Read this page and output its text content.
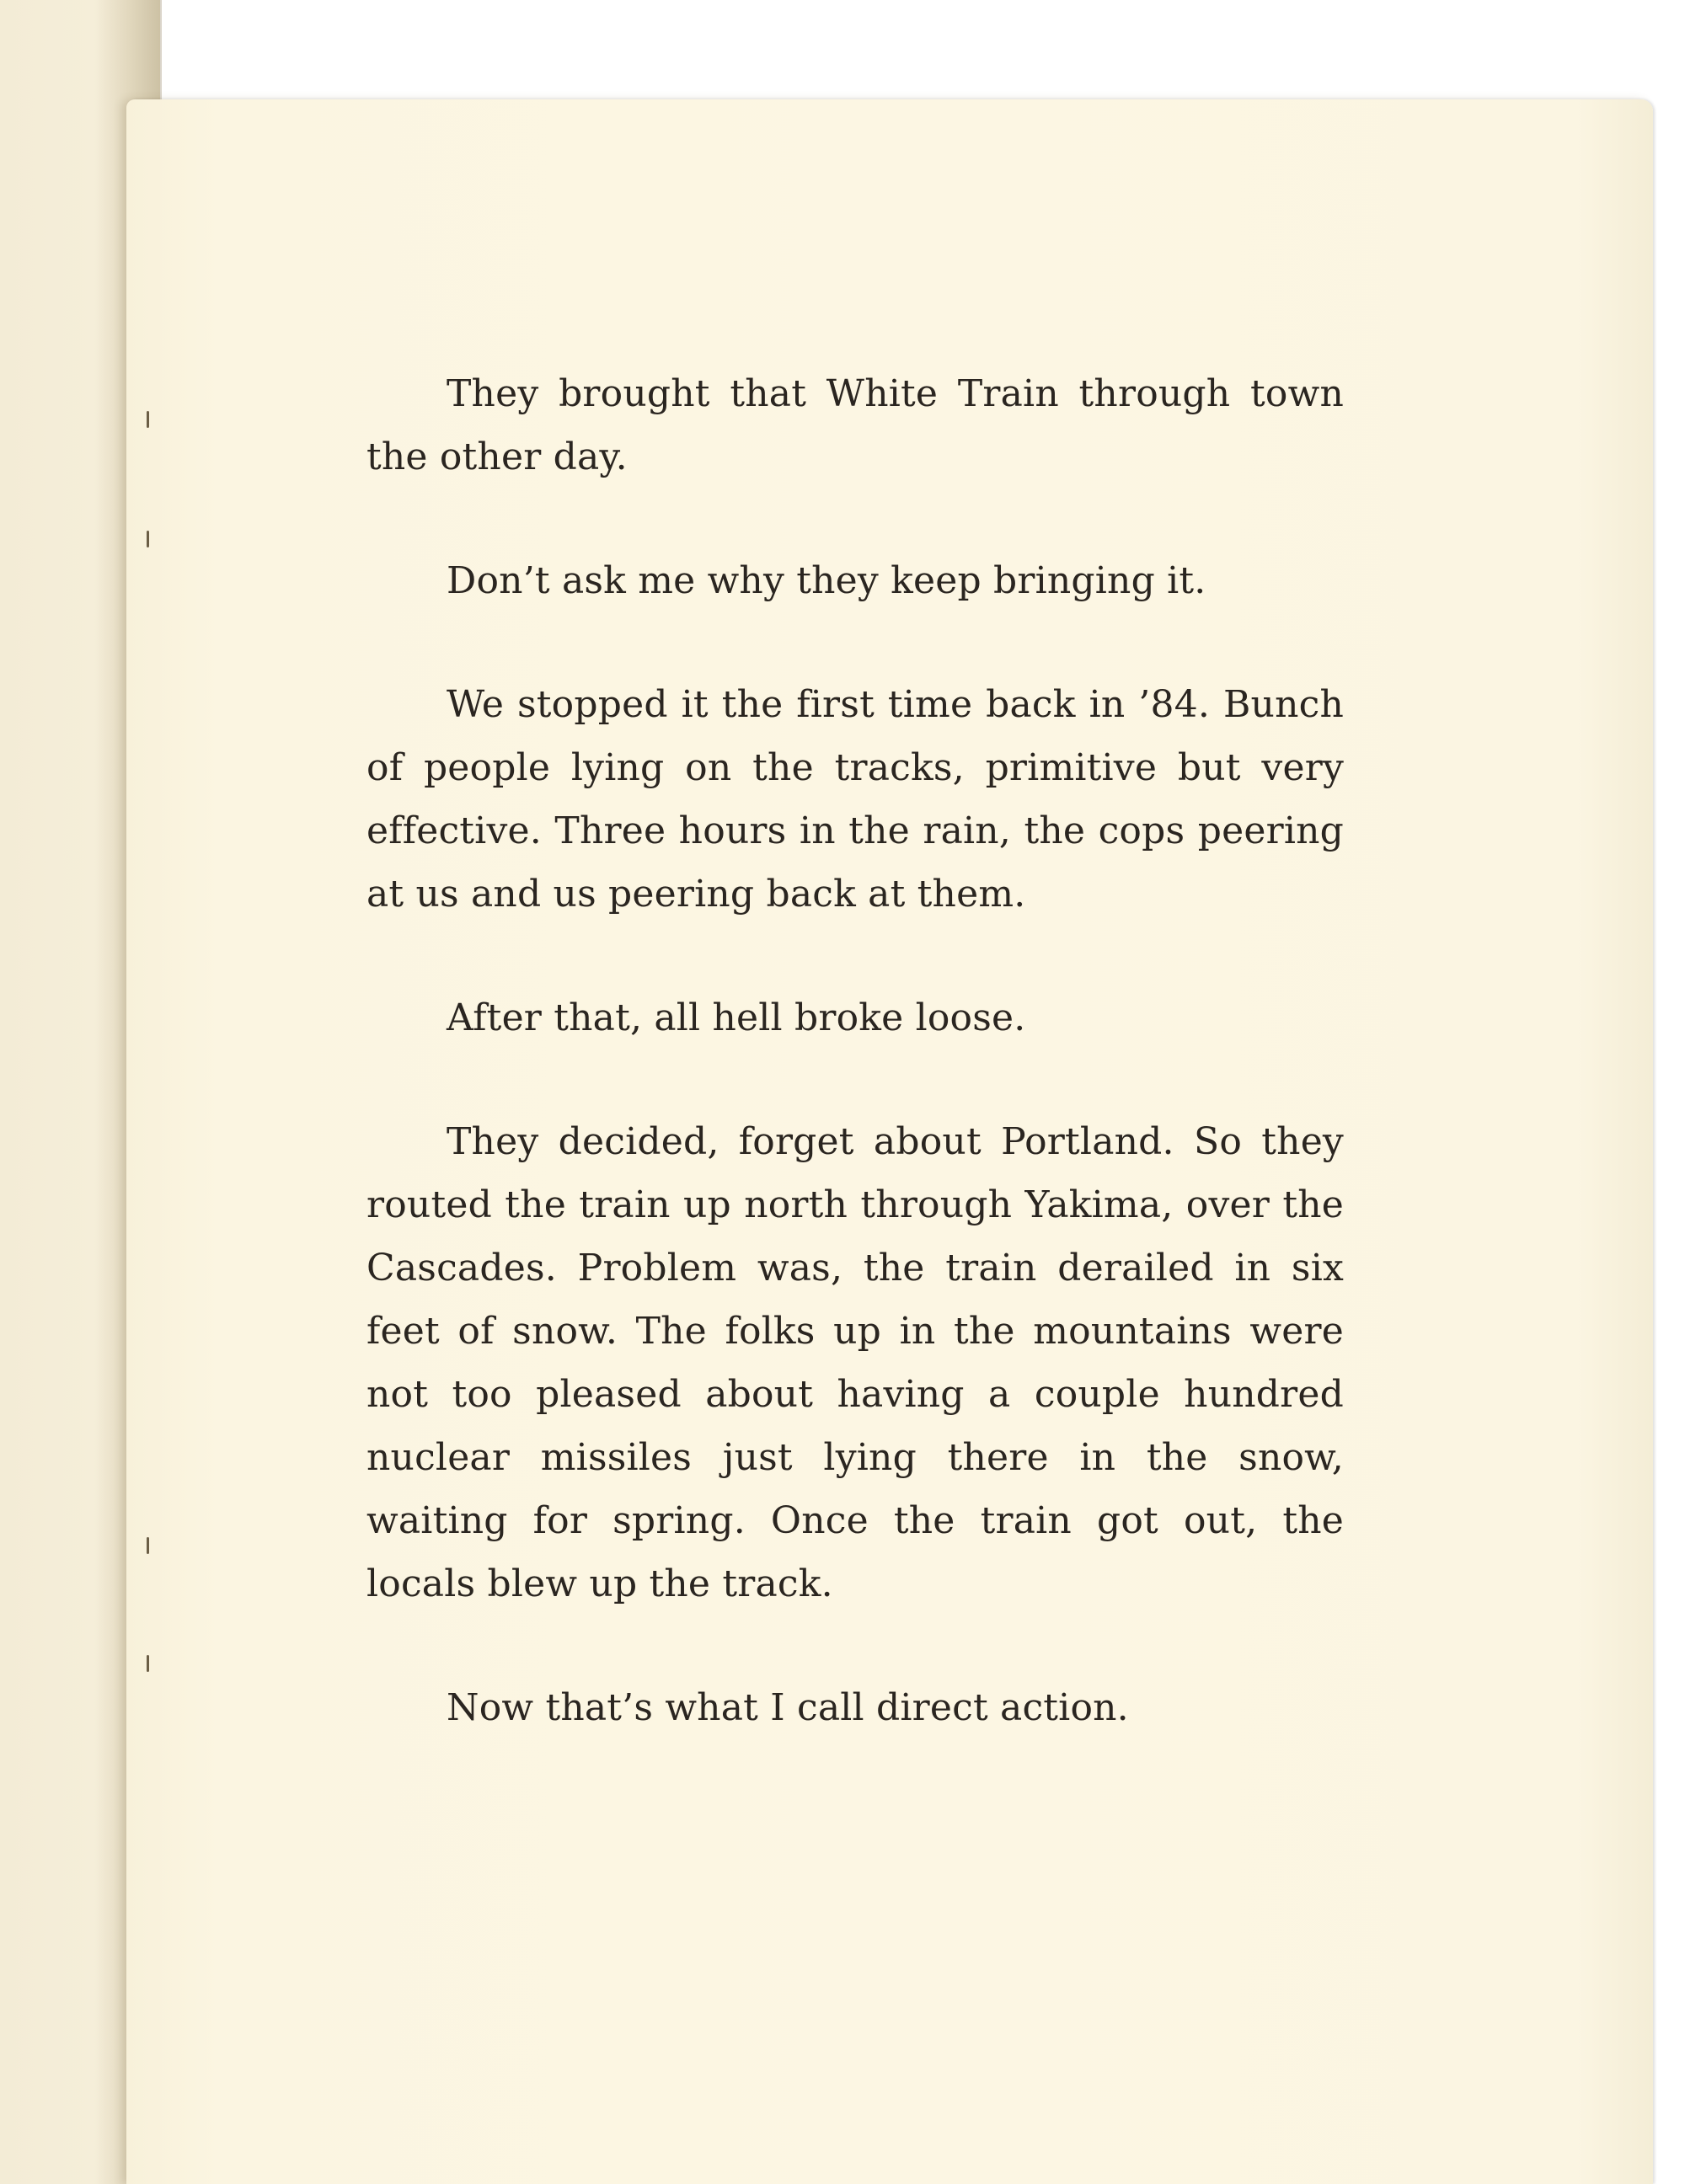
They brought that White Train through town the other day.

Don’t ask me why they keep bringing it.

We stopped it the first time back in ’84. Bunch of people lying on the tracks, primitive but very effective. Three hours in the rain, the cops peering at us and us peering back at them.

After that, all hell broke loose.

They decided, forget about Portland. So they routed the train up north through Yakima, over the Cascades. Problem was, the train derailed in six feet of snow. The folks up in the mountains were not too pleased about having a couple hundred nuclear missiles just lying there in the snow, waiting for spring. Once the train got out, the locals blew up the track.

Now that’s what I call direct action.
